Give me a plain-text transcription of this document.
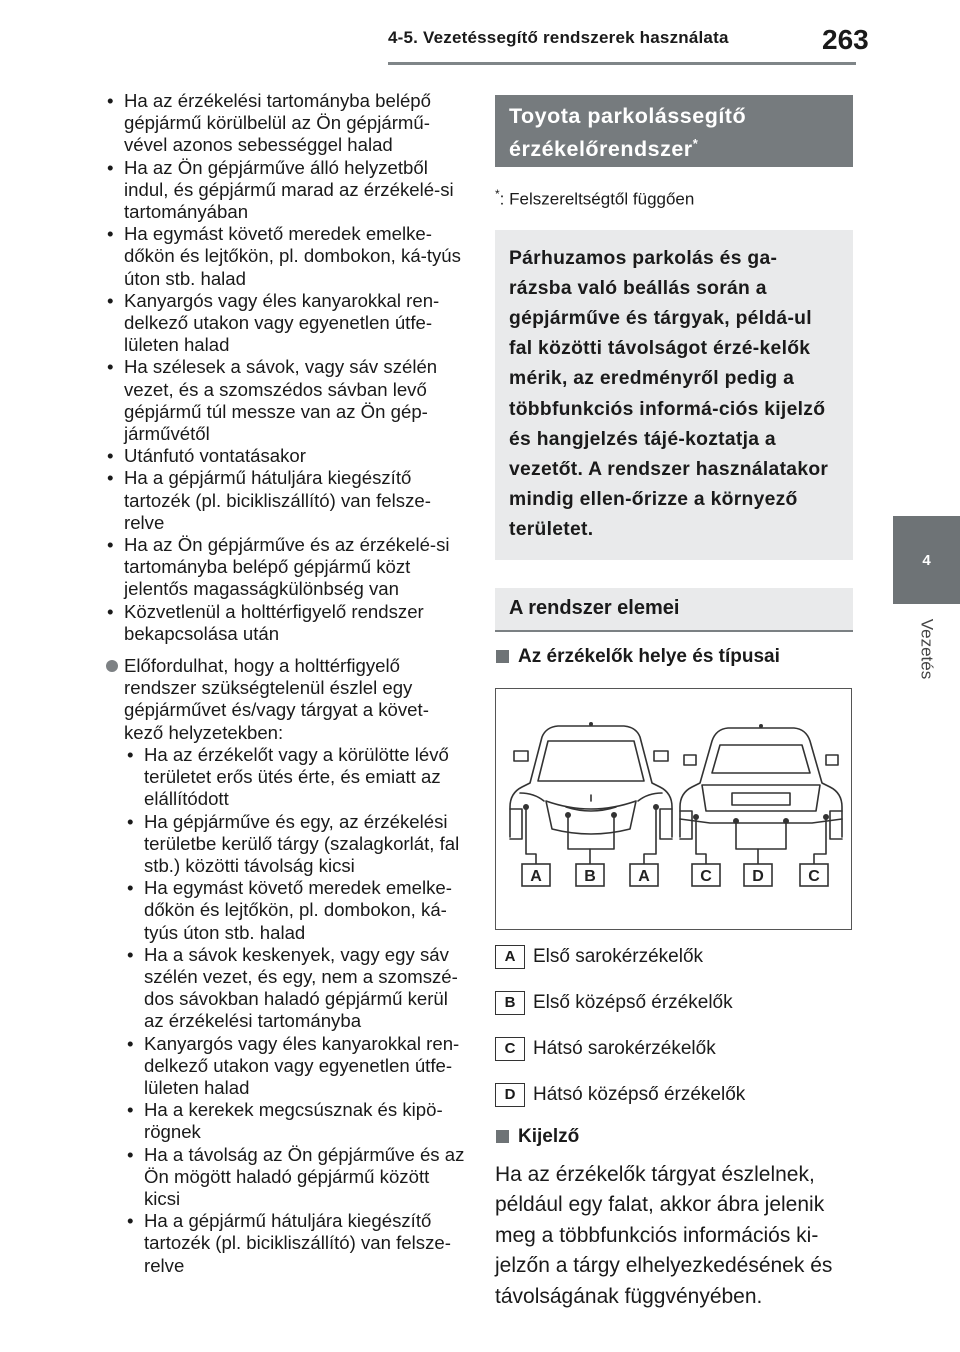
4-5. Vezetéssegítő rendszerek használata	263
4
Vezetés
• Ha az érzékelési tartományba belépő gépjármű körülbelül az Ön gépjármű-vével azonos sebességgel halad
• Ha az Ön gépjárműve álló helyzetből indul, és gépjármű marad az érzékelé-si tartományában
• Ha egymást követő meredek emelke-dőkön és lejtőkön, pl. dombokon, ká-tyús úton stb. halad
• Kanyargós vagy éles kanyarokkal ren-delkező utakon vagy egyenetlen útfe-lületen halad
• Ha szélesek a sávok, vagy sáv szélén vezet, és a szomszédos sávban levő gépjármű túl messze van az Ön gép-járművétől
• Utánfutó vontatásakor
• Ha a gépjármű hátuljára kiegészítő tartozék (pl. bicikliszállító) van felsze-relve
• Ha az Ön gépjárműve és az érzékelé-si tartományba belépő gépjármű közt jelentős magasságkülönbség van
• Közvetlenül a holttérfigyelő rendszer bekapcsolása után
Előfordulhat, hogy a holttérfigyelő rendszer szükségtelenül észlel egy gépjárművet és/vagy tárgyat a követ-kező helyzetekben:
• Ha az érzékelőt vagy a körülötte lévő területet erős ütés érte, és emiatt az elállítódott
• Ha gépjárműve és egy, az érzékelési területbe kerülő tárgy (szalagkorlát, fal stb.) közötti távolság kicsi
• Ha egymást követő meredek emelke-dőkön és lejtőkön, pl. dombokon, ká-tyús úton stb. halad
• Ha a sávok keskenyek, vagy egy sáv szélén vezet, és egy, nem a szomszé-dos sávokban haladó gépjármű kerül az érzékelési tartományba
• Kanyargós vagy éles kanyarokkal ren-delkező utakon vagy egyenetlen útfe-lületen halad
• Ha a kerekek megcsúsznak és kipö-rögnek
• Ha a távolság az Ön gépjárműve és az Ön mögött haladó gépjármű között kicsi
• Ha a gépjármű hátuljára kiegészítő tartozék (pl. bicikliszállító) van felsze-relve
Toyota parkolássegítő
érzékelőrendszer*
*: Felszereltségtől függően
Párhuzamos parkolás és ga-rázsba való beállás során a gépjárműve és tárgyak, példá-ul fal közötti távolságot érzé-kelők mérik, az eredményről pedig a többfunkciós informá-ciós kijelző és hangjelzés tájé-koztatja a vezetőt. A rendszer használatakor mindig ellen-őrizze a környező területet.
A rendszer elemei
Az érzékelők helye és típusai
A	B	A	C	D	C
A Első sarokérzékelők
B Első középső érzékelők
C Hátsó sarokérzékelők
D Hátsó középső érzékelők
Kijelző
Ha az érzékelők tárgyat észlelnek, például egy falat, akkor ábra jelenik meg a többfunkciós információs ki-jelzőn a tárgy elhelyezkedésének és távolságának függvényében.
